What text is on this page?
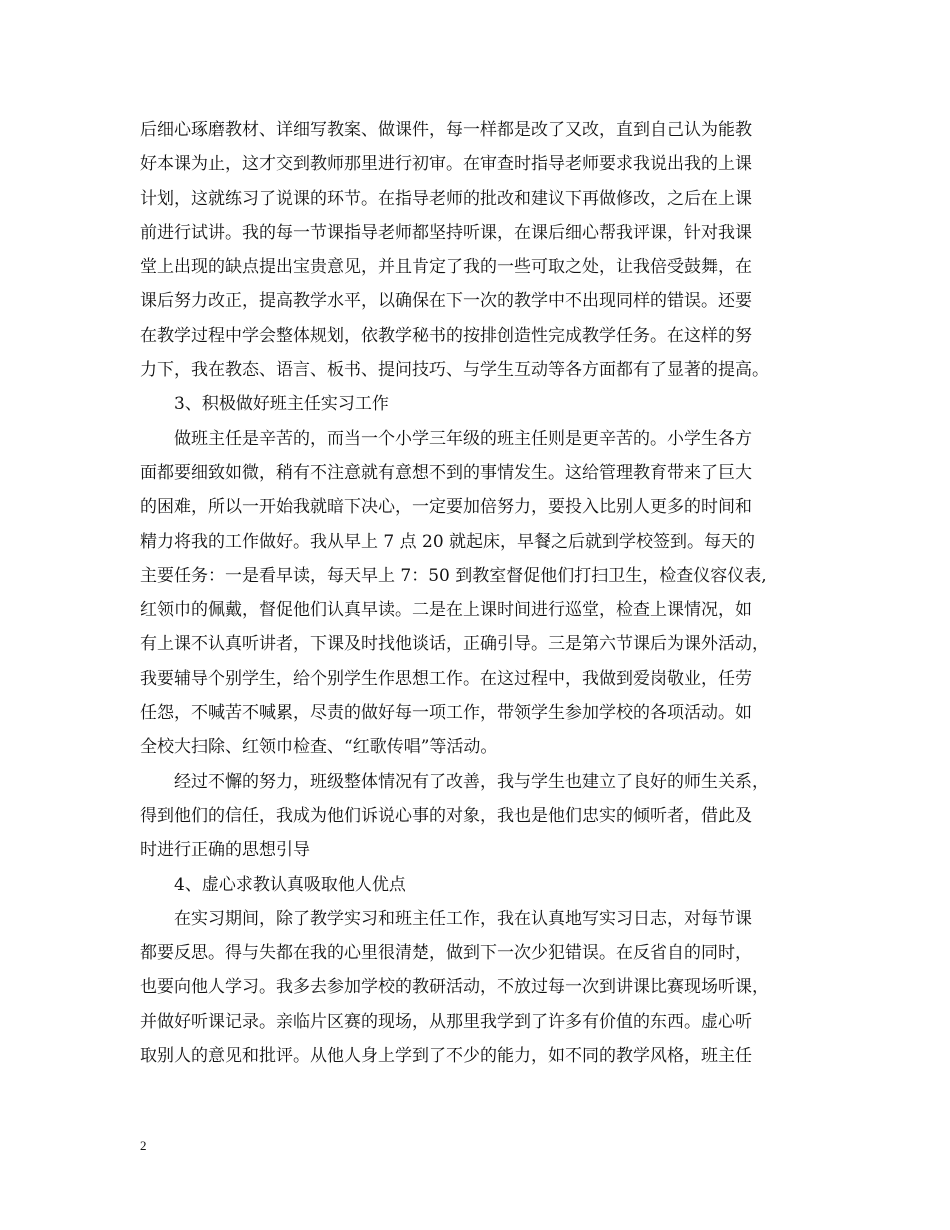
后细心琢磨教材、详细写教案、做课件，每一样都是改了又改，直到自己认为能教
好本课为止，这才交到教师那里进行初审。在审查时指导老师要求我说出我的上课
计划，这就练习了说课的环节。在指导老师的批改和建议下再做修改，之后在上课
前进行试讲。我的每一节课指导老师都坚持听课，在课后细心帮我评课，针对我课
堂上出现的缺点提出宝贵意见，并且肯定了我的一些可取之处，让我倍受鼓舞，在
课后努力改正，提高教学水平，以确保在下一次的教学中不出现同样的错误。还要
在教学过程中学会整体规划，依教学秘书的按排创造性完成教学任务。在这样的努
力下，我在教态、语言、板书、提问技巧、与学生互动等各方面都有了显著的提高。
　　3、积极做好班主任实习工作
　　做班主任是辛苦的，而当一个小学三年级的班主任则是更辛苦的。小学生各方
面都要细致如微，稍有不注意就有意想不到的事情发生。这给管理教育带来了巨大
的困难，所以一开始我就暗下决心，一定要加倍努力，要投入比别人更多的时间和
精力将我的工作做好。我从早上 7 点 20 就起床，早餐之后就到学校签到。每天的
主要任务：一是看早读，每天早上 7：50 到教室督促他们打扫卫生，检查仪容仪表,
红领巾的佩戴，督促他们认真早读。二是在上课时间进行巡堂，检查上课情况，如
有上课不认真听讲者，下课及时找他谈话，正确引导。三是第六节课后为课外活动，
我要辅导个别学生，给个别学生作思想工作。在这过程中，我做到爱岗敬业，任劳
任怨，不喊苦不喊累，尽责的做好每一项工作，带领学生参加学校的各项活动。如
全校大扫除、红领巾检查、“红歌传唱”等活动。
　　经过不懈的努力，班级整体情况有了改善，我与学生也建立了良好的师生关系，
得到他们的信任，我成为他们诉说心事的对象，我也是他们忠实的倾听者，借此及
时进行正确的思想引导
　　4、虚心求教认真吸取他人优点
　　在实习期间，除了教学实习和班主任工作，我在认真地写实习日志，对每节课
都要反思。得与失都在我的心里很清楚，做到下一次少犯错误。在反省自的同时，
也要向他人学习。我多去参加学校的教研活动，不放过每一次到讲课比赛现场听课，
并做好听课记录。亲临片区赛的现场，从那里我学到了许多有价值的东西。虚心听
取别人的意见和批评。从他人身上学到了不少的能力，如不同的教学风格，班主任
2
